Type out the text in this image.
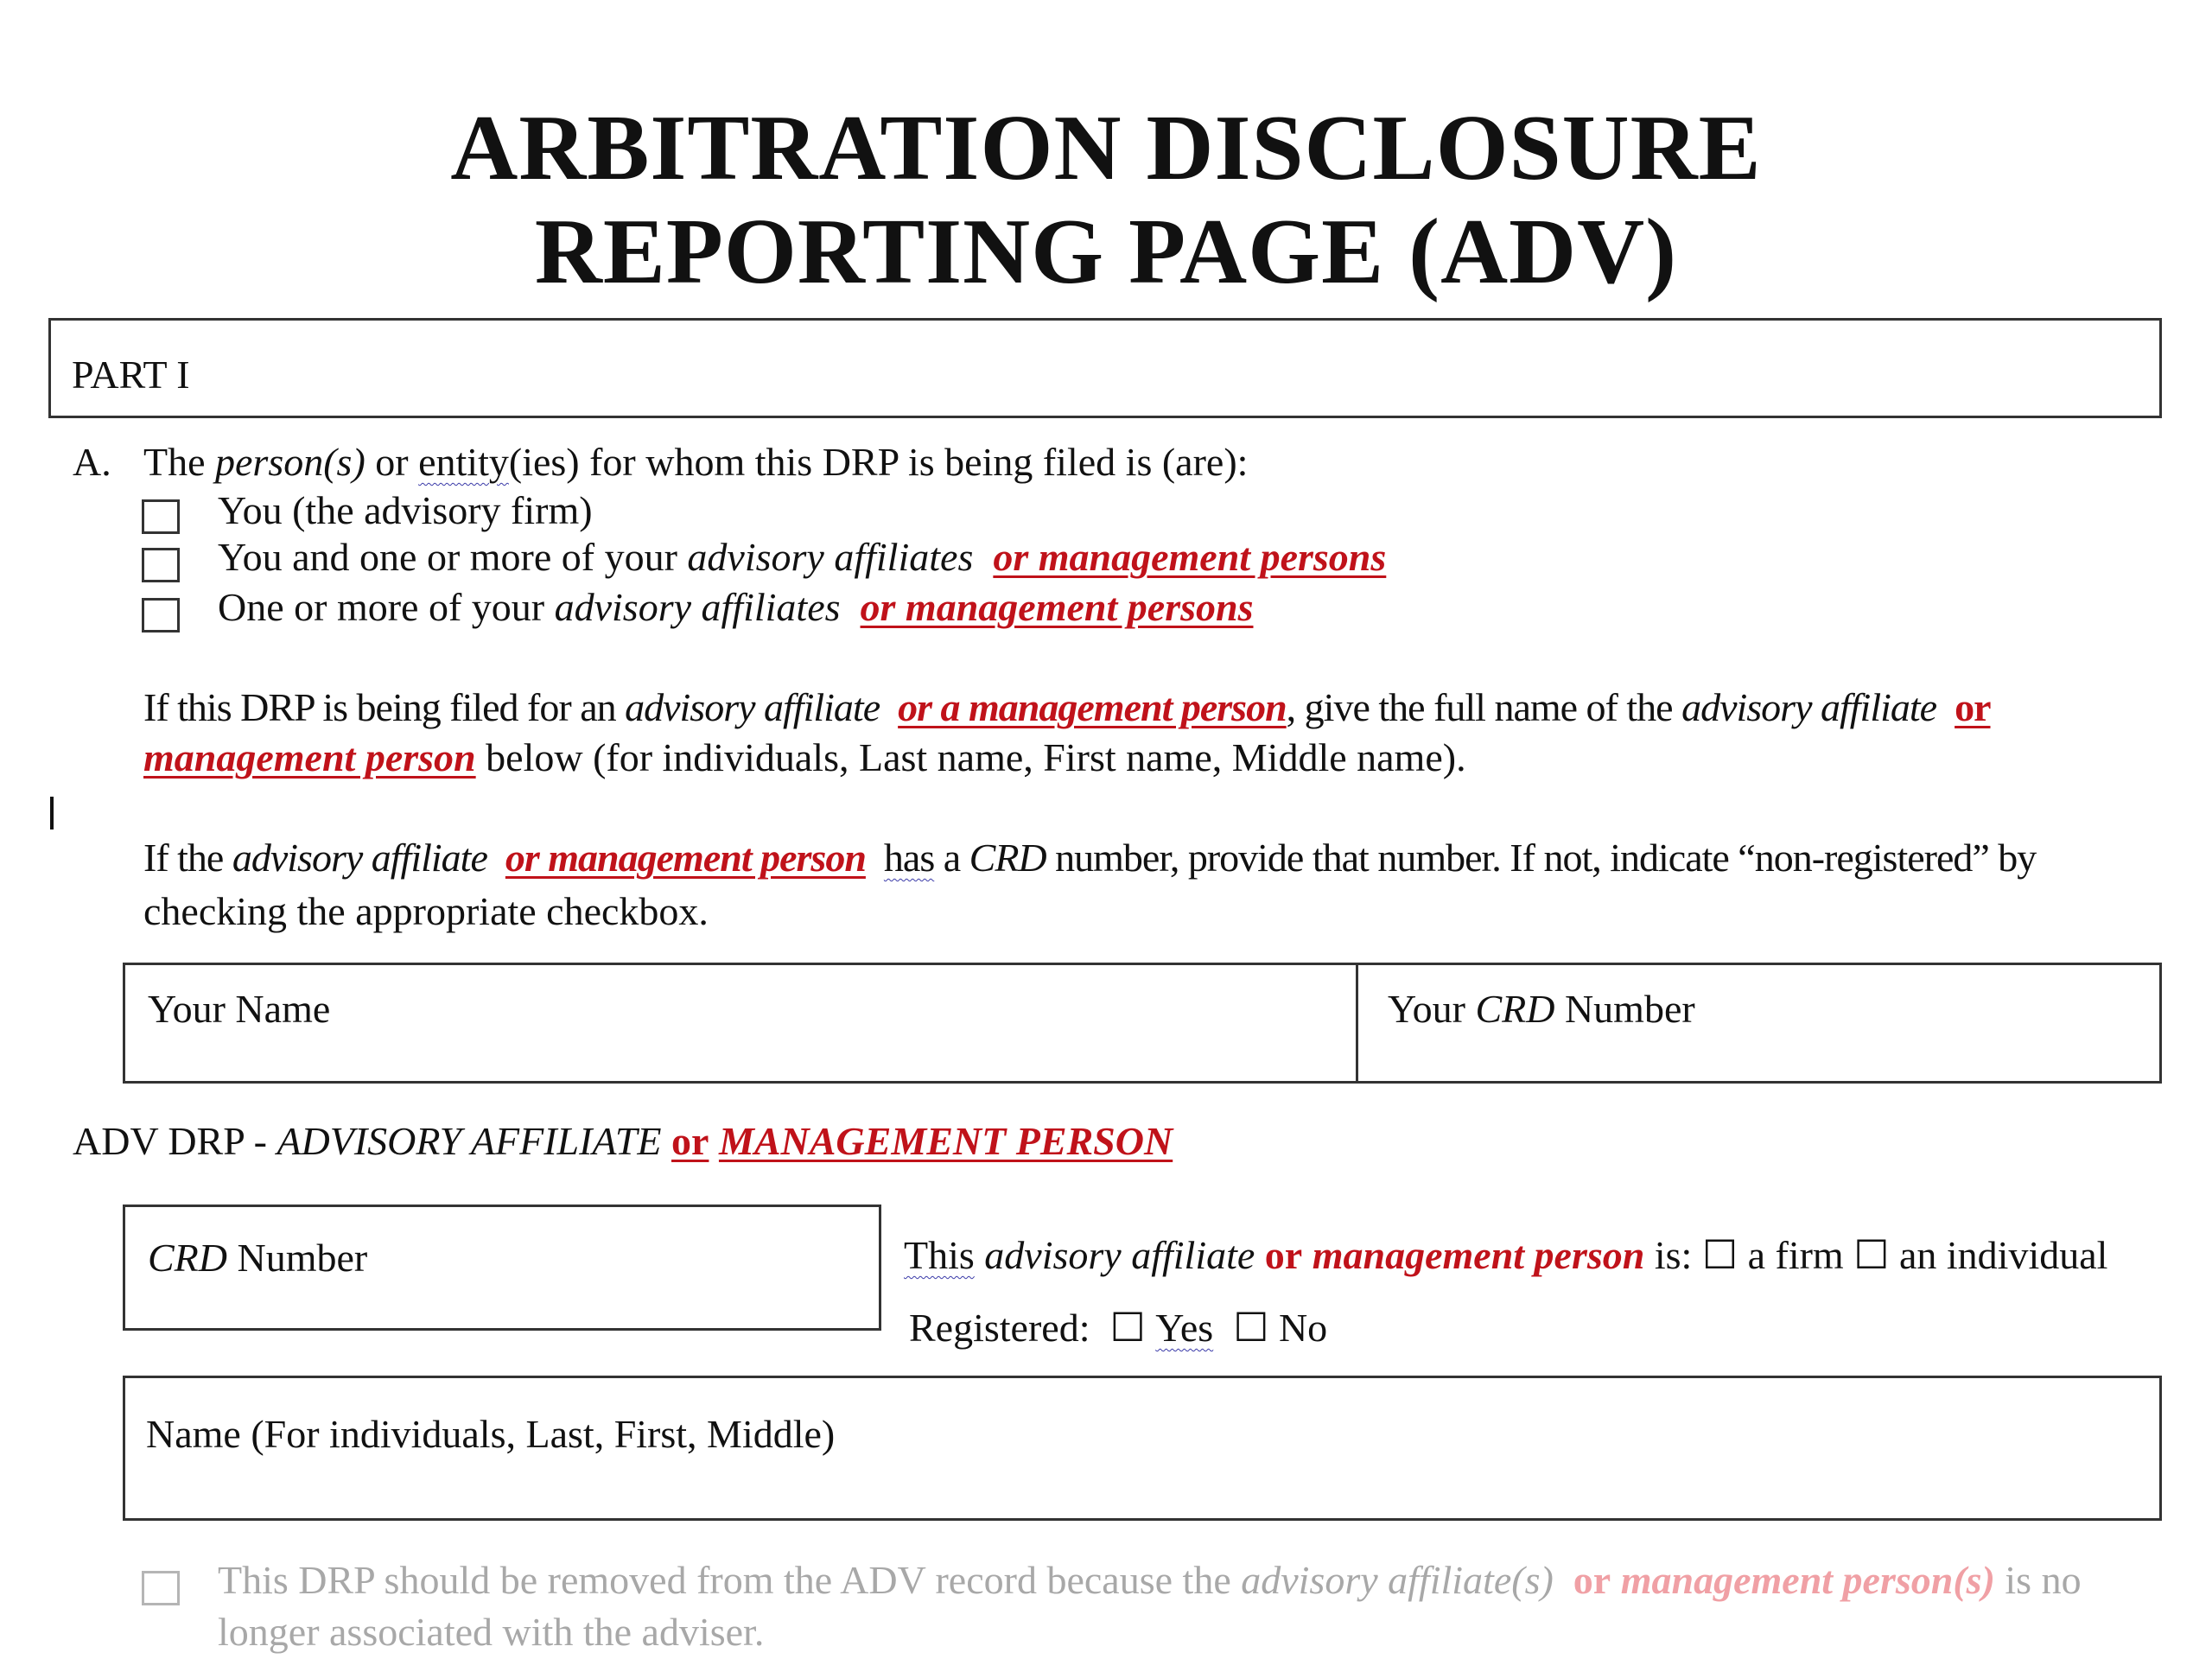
ARBITRATION DISCLOSURE
REPORTING PAGE (ADV)
PART I
A. The person(s) or entity(ies) for whom this DRP is being filed is (are):
You (the advisory firm)
You and one or more of your advisory affiliates or management persons
One or more of your advisory affiliates or management persons
If this DRP is being filed for an advisory affiliate or a management person, give the full name of the advisory affiliate or
management person below (for individuals, Last name, First name, Middle name).
If the advisory affiliate or management person has a CRD number, provide that number. If not, indicate “non-registered” by
checking the appropriate checkbox.
Your Name	Your CRD Number
ADV DRP - ADVISORY AFFILIATE or MANAGEMENT PERSON
CRD Number	This advisory affiliate or management person is: ☐ a firm ☐ an individual
Registered:  ☐ Yes ☐ No
Name (For individuals, Last, First, Middle)
This DRP should be removed from the ADV record because the advisory affiliate(s) or management person(s) is no
longer associated with the adviser.
